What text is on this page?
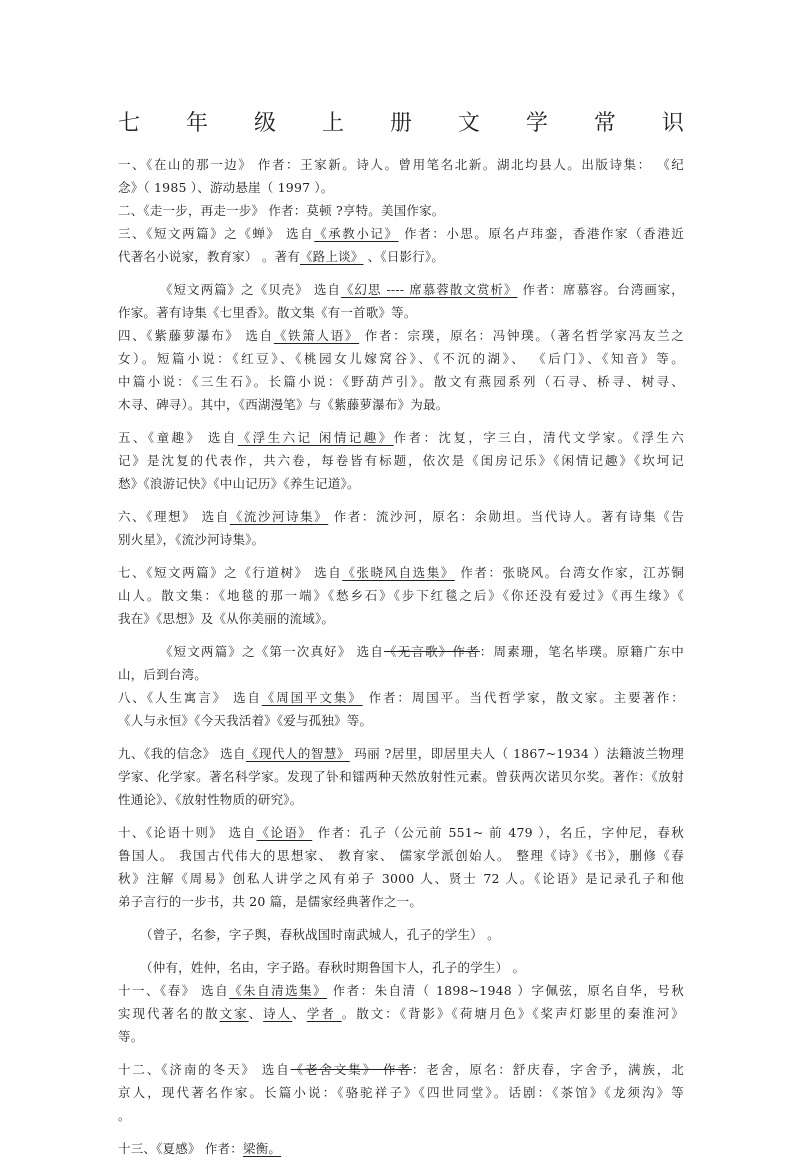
七 年 级 上 册 文 学 常 识

一、《在山的那一边》 作者：王家新。诗人。曾用笔名北新。湖北均县人。出版诗集： 《纪
念》（ 1985 ）、游动悬崖（ 1997 ）。

二、《走一步，再走一步》 作者：莫顿 ?亨特。美国作家。

三、《短文两篇》之《蝉》 选自《承教小记》 作者：小思。原名卢玮銮，香港作家（香港近
代著名小说家，教育家） 。著有《路上谈》 、《日影行》。

《短文两篇》之《贝壳》 选自《幻思 ---- 席慕蓉散文赏析》 作者：席慕容。台湾画家，
作家。著有诗集《七里香》。散文集《有一首歌》等。

四、《紫藤萝瀑布》 选自《铁箫人语》 作者：宗璞，原名：冯钟璞。（著名哲学家冯友兰之
女）。短篇小说：《红豆》、《桃园女儿嫁窝谷》、《不沉的湖》、 《后门》、《知音》等。
中篇小说：《三生石》。长篇小说：《野葫芦引》。散文有燕园系列（石寻、桥寻、树寻、
木寻、碑寻）。其中，《西湖漫笔》与《紫藤萝瀑布》为最。

五、《童趣》 选自《浮生六记 闲情记趣》作者：沈复，字三白，清代文学家。《浮生六
记》是沈复的代表作，共六卷，每卷皆有标题，依次是《闺房记乐》《闲情记趣》《坎坷记
愁》《浪游记快》《中山记历》《养生记道》。

六、《理想》 选自《流沙河诗集》 作者：流沙河，原名：余勋坦。当代诗人。著有诗集《告
别火星》，《流沙河诗集》。

七、《短文两篇》之《行道树》 选自《张晓风自选集》 作者：张晓风。台湾女作家，江苏铜
山人。散文集：《地毯的那一端》《愁乡石》《步下红毯之后》《你还没有爱过》《再生缘》《
我在》《思想》及《从你美丽的流域》。

《短文两篇》之《第一次真好》 选自《无言歌》作者：周素珊，笔名毕璞。原籍广东中
山，后到台湾。

八、《人生寓言》 选自《周国平文集》 作者：周国平。当代哲学家，散文家。主要著作：
《人与永恒》《今天我活着》《爱与孤独》等。

九、《我的信念》 选自《现代人的智慧》 玛丽 ?居里，即居里夫人（ 1867~1934 ）法籍波兰物理
学家、化学家。著名科学家。发现了钋和镭两种天然放射性元素。曾获两次诺贝尔奖。著作：《放射
性通论》、《放射性物质的研究》。

十、《论语十则》 选自《论语》 作者：孔子（公元前 551~ 前 479 ），名丘，字仲尼，春秋
鲁国人。 我国古代伟大的思想家、 教育家、 儒家学派创始人。 整理《诗》《书》，删修《春
秋》注解《周易》创私人讲学之风有弟子 3000 人、贤士 72 人。《论语》是记录孔子和他
弟子言行的一步书，共 20 篇，是儒家经典著作之一。

（曾子，名参，字子舆，春秋战国时南武城人，孔子的学生） 。

（仲有，姓仲，名由，字子路。春秋时期鲁国卞人，孔子的学生） 。

十一、《春》 选自《朱自清选集》 作者：朱自清（ 1898~1948 ）字佩弦，原名自华，号秋
实现代著名的散文家、诗人、学者 。散文：《背影》《荷塘月色》《桨声灯影里的秦淮河》
等。

十二、《济南的冬天》 选自《老舍文集》 作者：老舍，原名：舒庆春，字舍予，满族，北
京人，现代著名作家。长篇小说：《骆驼祥子》《四世同堂》。话剧：《茶馆》《龙须沟》等
。

十三、《夏感》 作者：梁衡。
